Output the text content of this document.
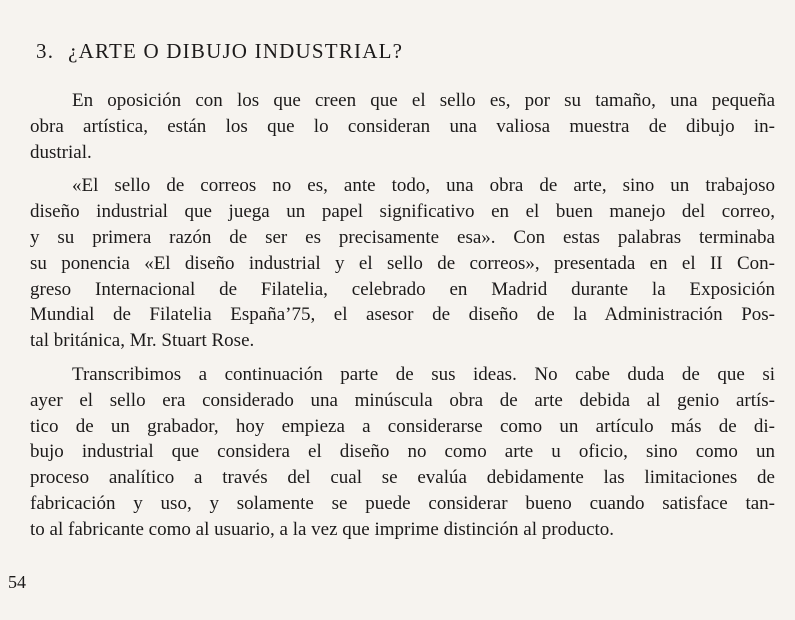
3. ¿ARTE O DIBUJO INDUSTRIAL?

En oposición con los que creen que el sello es, por su tamaño, una pequeña
obra artística, están los que lo consideran una valiosa muestra de dibujo in-
dustrial.

«El sello de correos no es, ante todo, una obra de arte, sino un trabajoso
diseño industrial que juega un papel significativo en el buen manejo del correo,
y su primera razón de ser es precisamente esa». Con estas palabras terminaba
su ponencia «El diseño industrial y el sello de correos», presentada en el II Con-
greso Internacional de Filatelia, celebrado en Madrid durante la Exposición
Mundial de Filatelia España’75, el asesor de diseño de la Administración Pos-
tal británica, Mr. Stuart Rose.

Transcribimos a continuación parte de sus ideas. No cabe duda de que si
ayer el sello era considerado una minúscula obra de arte debida al genio artís-
tico de un grabador, hoy empieza a considerarse como un artículo más de di-
bujo industrial que considera el diseño no como arte u oficio, sino como un
proceso analítico a través del cual se evalúa debidamente las limitaciones de
fabricación y uso, y solamente se puede considerar bueno cuando satisface tan-
to al fabricante como al usuario, a la vez que imprime distinción al producto.

54
